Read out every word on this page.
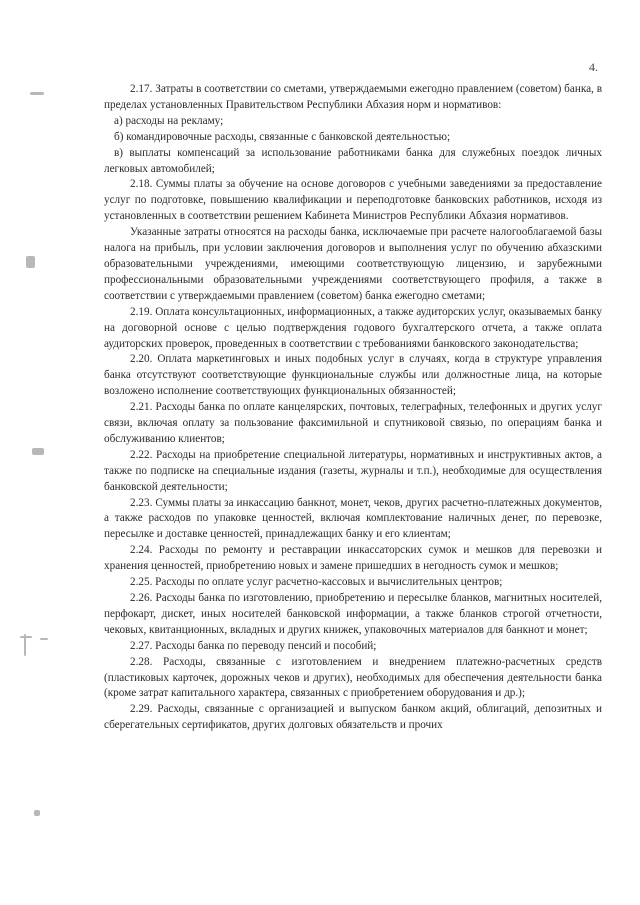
4.

2.17. Затраты в соответствии со сметами, утверждаемыми ежегодно правлением (советом) банка, в пределах установленных Правительством Республики Абхазия норм и нормативов:

а) расходы на рекламу;

б) командировочные расходы, связанные с банковской деятельностью;

в) выплаты компенсаций за использование работниками банка для служебных поездок личных легковых автомобилей;

2.18. Суммы платы за обучение на основе договоров с учебными заведениями за предоставление услуг по подготовке, повышению квалификации и переподготовке банковских работников, исходя из установленных в соответствии решением Кабинета Министров Республики Абхазия нормативов.

Указанные затраты относятся на расходы банка, исключаемые при расчете налогооблагаемой базы налога на прибыль, при условии заключения договоров и выполнения услуг по обучению абхазскими образовательными учреждениями, имеющими соответствующую лицензию, и зарубежными профессиональными образовательными учреждениями соответствующего профиля, а также в соответствии с утверждаемыми правлением (советом) банка ежегодно сметами;

2.19. Оплата консультационных, информационных, а также аудиторских услуг, оказываемых банку на договорной основе с целью подтверждения годового бухгалтерского отчета, а также оплата аудиторских проверок, проведенных в соответствии с требованиями банковского законодательства;

2.20. Оплата маркетинговых и иных подобных услуг в случаях, когда в структуре управления банка отсутствуют соответствующие функциональные службы или должностные лица, на которые возложено исполнение соответствующих функциональных обязанностей;

2.21. Расходы банка по оплате канцелярских, почтовых, телеграфных, телефонных и других услуг связи, включая оплату за пользование факсимильной и спутниковой связью, по операциям банка и обслуживанию клиентов;

2.22. Расходы на приобретение специальной литературы, нормативных и инструктивных актов, а также по подписке на специальные издания (газеты, журналы и т.п.), необходимые для осуществления банковской деятельности;

2.23. Суммы платы за инкассацию банкнот, монет, чеков, других расчетно-платежных документов, а также расходов по упаковке ценностей, включая комплектование наличных денег, по перевозке, пересылке и доставке ценностей, принадлежащих банку и его клиентам;

2.24. Расходы по ремонту и реставрации инкассаторских сумок и мешков для перевозки и хранения ценностей, приобретению новых и замене пришедших в негодность сумок и мешков;

2.25. Расходы по оплате услуг расчетно-кассовых и вычислительных центров;

2.26. Расходы банка по изготовлению, приобретению и пересылке бланков, магнитных носителей, перфокарт, дискет, иных носителей банковской информации, а также бланков строгой отчетности, чековых, квитанционных, вкладных и других книжек, упаковочных материалов для банкнот и монет;

2.27. Расходы банка по переводу пенсий и пособий;

2.28. Расходы, связанные с изготовлением и внедрением платежно-расчетных средств (пластиковых карточек, дорожных чеков и других), необходимых для обеспечения деятельности банка (кроме затрат капитального характера, связанных с приобретением оборудования и др.);

2.29. Расходы, связанные с организацией и выпуском банком акций, облигаций, депозитных и сберегательных сертификатов, других долговых обязательств и прочих
